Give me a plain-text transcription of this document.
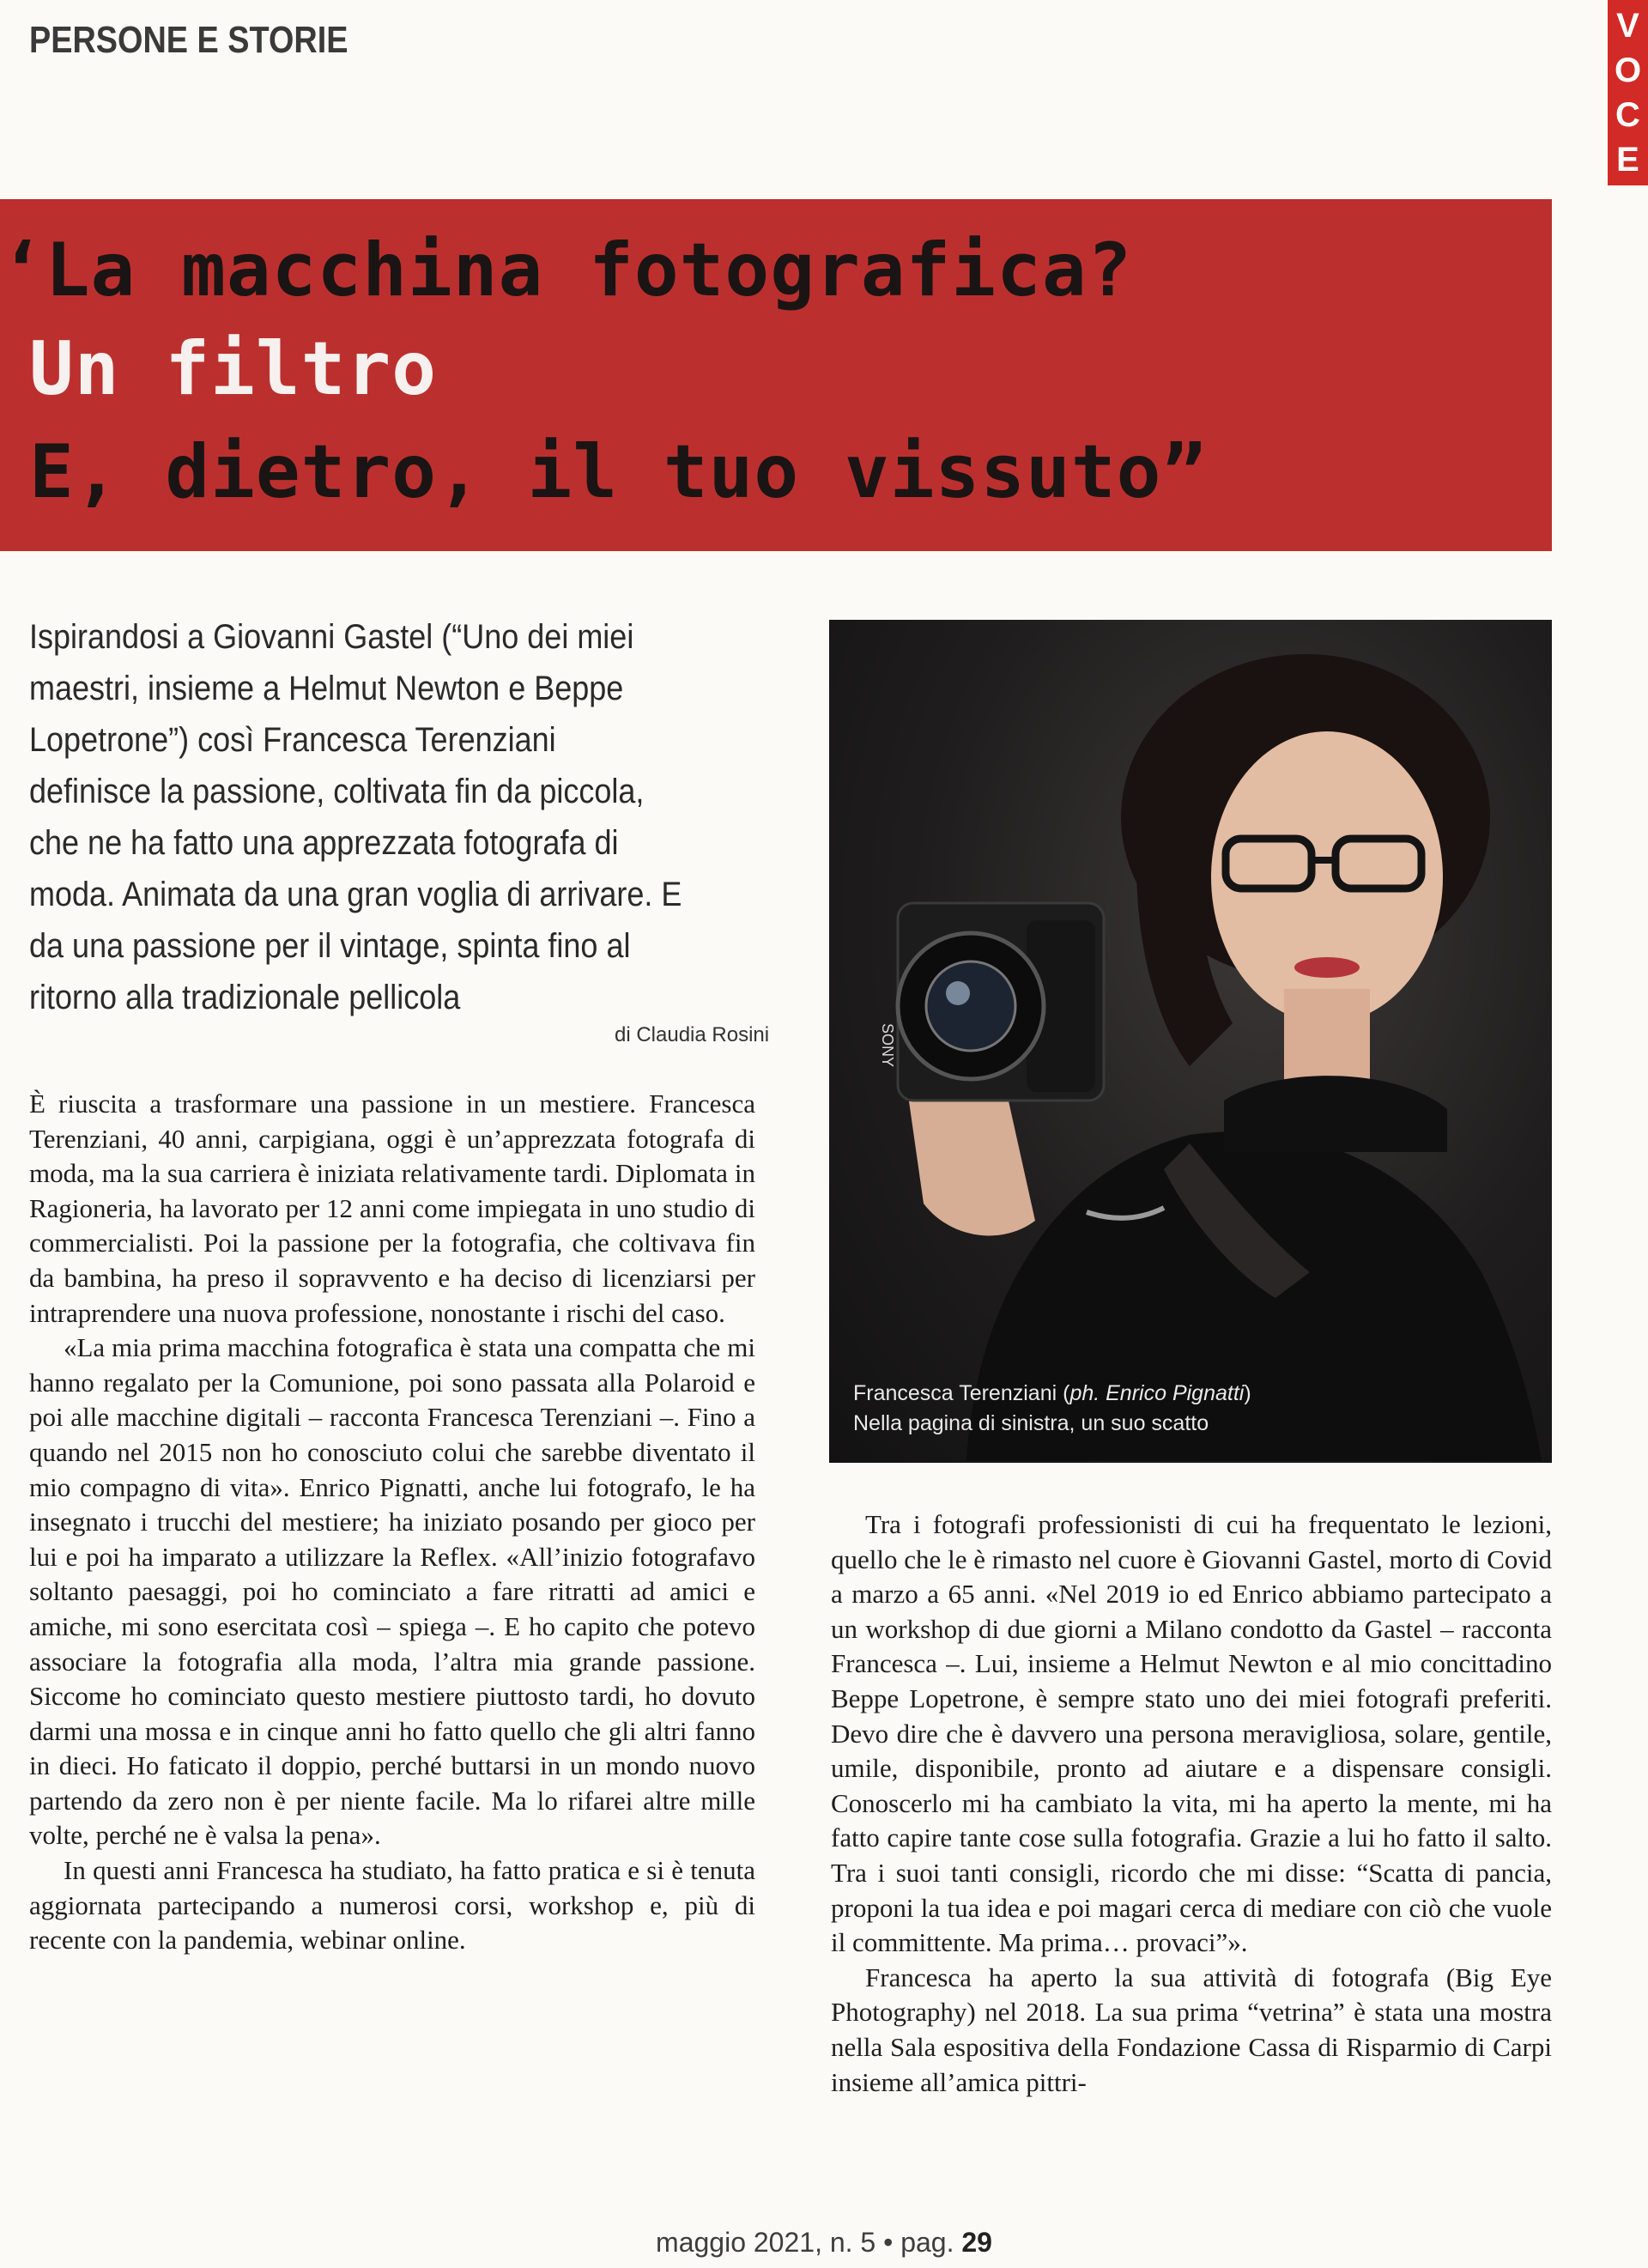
PERSONE E STORIE	V
O
C
E
‘La macchina fotografica?
Un filtro
E, dietro, il tuo vissuto”

Ispirandosi a Giovanni Gastel (“Uno dei miei maestri, insieme a Helmut Newton e Beppe Lopetrone”) così Francesca Terenziani definisce la passione, coltivata fin da piccola, che ne ha fatto una apprezzata fotografa di moda. Animata da una gran voglia di arrivare. E da una passione per il vintage, spinta fino al ritorno alla tradizionale pellicola

di Claudia Rosini

È riuscita a trasformare una passione in un mestiere. Francesca Terenziani, 40 anni, carpigiana, oggi è un’apprezzata fotografa di moda, ma la sua carriera è iniziata relativamente tardi. Diplomata in Ragioneria, ha lavorato per 12 anni come impiegata in uno studio di commercialisti. Poi la passione per la fotografia, che coltivava fin da bambina, ha preso il sopravvento e ha deciso di licenziarsi per intraprendere una nuova professione, nonostante i rischi del caso.

«La mia prima macchina fotografica è stata una compatta che mi hanno regalato per la Comunione, poi sono passata alla Polaroid e poi alle macchine digitali – racconta Francesca Terenziani –. Fino a quando nel 2015 non ho conosciuto colui che sarebbe diventato il mio compagno di vita». Enrico Pignatti, anche lui fotografo, le ha insegnato i trucchi del mestiere; ha iniziato posando per gioco per lui e poi ha imparato a utilizzare la Reflex. «All’inizio fotografavo soltanto paesaggi, poi ho cominciato a fare ritratti ad amici e amiche, mi sono esercitata così – spiega –. E ho capito che potevo associare la fotografia alla moda, l’altra mia grande passione. Siccome ho cominciato questo mestiere piuttosto tardi, ho dovuto darmi una mossa e in cinque anni ho fatto quello che gli altri fanno in dieci. Ho faticato il doppio, perché buttarsi in un mondo nuovo partendo da zero non è per niente facile. Ma lo rifarei altre mille volte, perché ne è valsa la pena».

In questi anni Francesca ha studiato, ha fatto pratica e si è tenuta aggiornata partecipando a numerosi corsi, workshop e, più di recente con la pandemia, webinar online.

SONY
Francesca Terenziani (ph. Enrico Pignatti)
Nella pagina di sinistra, un suo scatto

Tra i fotografi professionisti di cui ha frequentato le lezioni, quello che le è rimasto nel cuore è Giovanni Gastel, morto di Covid a marzo a 65 anni. «Nel 2019 io ed Enrico abbiamo partecipato a un workshop di due giorni a Milano condotto da Gastel – racconta Francesca –. Lui, insieme a Helmut Newton e al mio concittadino Beppe Lopetrone, è sempre stato uno dei miei fotografi preferiti. Devo dire che è davvero una persona meravigliosa, solare, gentile, umile, disponibile, pronto ad aiutare e a dispensare consigli. Conoscerlo mi ha cambiato la vita, mi ha aperto la mente, mi ha fatto capire tante cose sulla fotografia. Grazie a lui ho fatto il salto. Tra i suoi tanti consigli, ricordo che mi disse: “Scatta di pancia, proponi la tua idea e poi magari cerca di mediare con ciò che vuole il committente. Ma prima… provaci”».

Francesca ha aperto la sua attività di fotografa (Big Eye Photography) nel 2018. La sua prima “vetrina” è stata una mostra nella Sala espositiva della Fondazione Cassa di Risparmio di Carpi insieme all’amica pittri-

maggio 2021, n. 5 • pag. 29
